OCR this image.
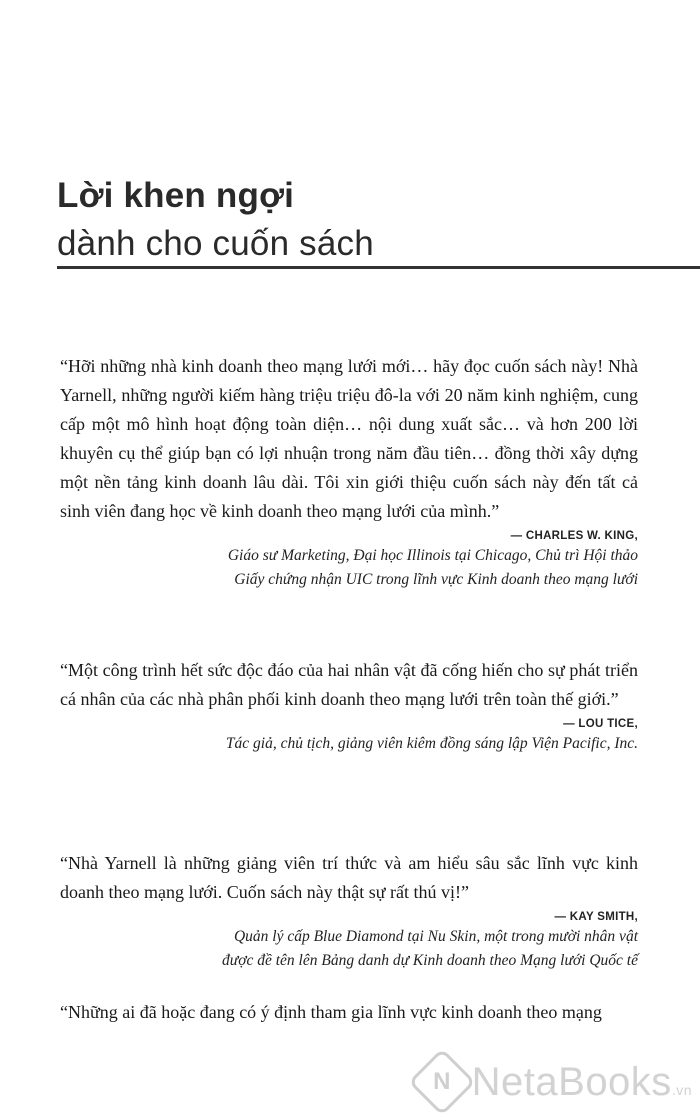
Lời khen ngợi
dành cho cuốn sách

“Hỡi những nhà kinh doanh theo mạng lưới mới… hãy đọc cuốn sách này! Nhà Yarnell, những người kiếm hàng triệu triệu đô-la với 20 năm kinh nghiệm, cung cấp một mô hình hoạt động toàn diện… nội dung xuất sắc… và hơn 200 lời khuyên cụ thể giúp bạn có lợi nhuận trong năm đầu tiên… đồng thời xây dựng một nền tảng kinh doanh lâu dài. Tôi xin giới thiệu cuốn sách này đến tất cả sinh viên đang học về kinh doanh theo mạng lưới của mình.”

— CHARLES W. KING,

Giáo sư Marketing, Đại học Illinois tại Chicago, Chủ trì Hội thảo

Giấy chứng nhận UIC trong lĩnh vực Kinh doanh theo mạng lưới

“Một công trình hết sức độc đáo của hai nhân vật đã cống hiến cho sự phát triển cá nhân của các nhà phân phối kinh doanh theo mạng lưới trên toàn thế giới.”

— LOU TICE,

Tác giả, chủ tịch, giảng viên kiêm đồng sáng lập Viện Pacific, Inc.

“Nhà Yarnell là những giảng viên trí thức và am hiểu sâu sắc lĩnh vực kinh doanh theo mạng lưới. Cuốn sách này thật sự rất thú vị!”

— KAY SMITH,

Quản lý cấp Blue Diamond tại Nu Skin, một trong mười nhân vật

được đề tên lên Bảng danh dự Kinh doanh theo Mạng lưới Quốc tế

“Những ai đã hoặc đang có ý định tham gia lĩnh vực kinh doanh theo mạng

N NetaBooks.vn
